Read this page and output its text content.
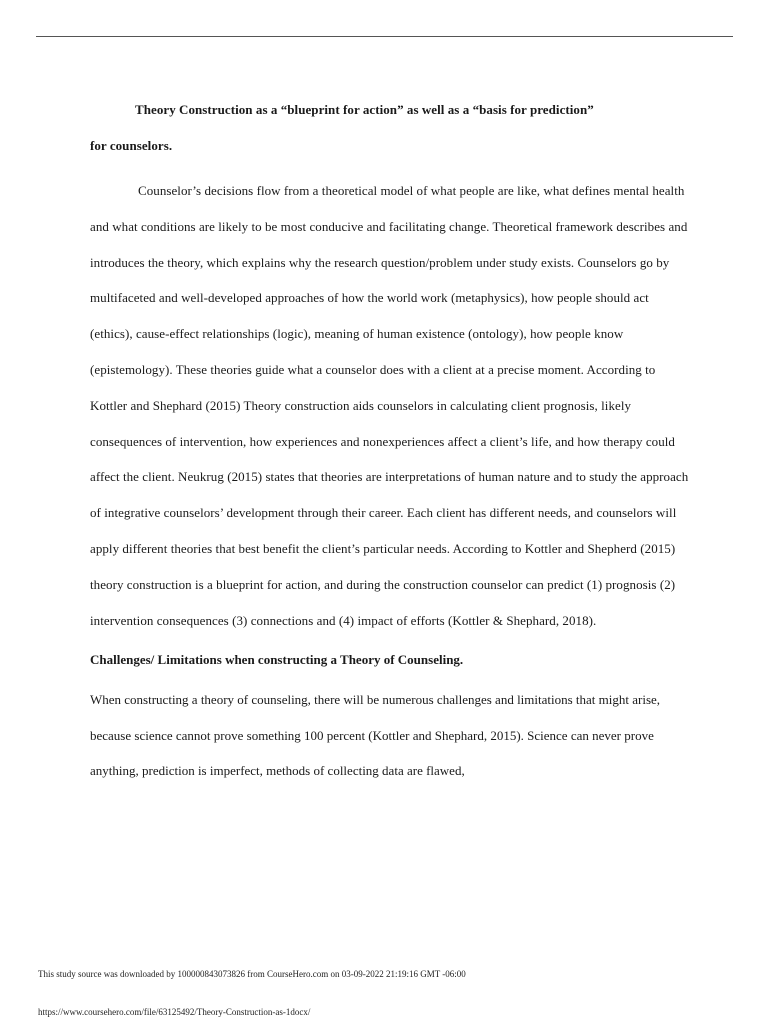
Theory Construction as a “blueprint for action” as well as a “basis for prediction”
for counselors.

Counselor’s decisions flow from a theoretical model of what people are like, what defines mental health and what conditions are likely to be most conducive and facilitating change. Theoretical framework describes and introduces the theory, which explains why the research question/problem under study exists. Counselors go by multifaceted and well-developed approaches of how the world work (metaphysics), how people should act (ethics), cause-effect relationships (logic), meaning of human existence (ontology), how people know (epistemology). These theories guide what a counselor does with a client at a precise moment. According to Kottler and Shephard (2015) Theory construction aids counselors in calculating client prognosis, likely consequences of intervention, how experiences and nonexperiences affect a client’s life, and how therapy could affect the client. Neukrug (2015) states that theories are interpretations of human nature and to study the approach of integrative counselors’ development through their career. Each client has different needs, and counselors will apply different theories that best benefit the client’s particular needs. According to Kottler and Shepherd (2015) theory construction is a blueprint for action, and during the construction counselor can predict (1) prognosis (2) intervention consequences (3) connections and (4) impact of efforts (Kottler & Shephard, 2018).

Challenges/ Limitations when constructing a Theory of Counseling.

When constructing a theory of counseling, there will be numerous challenges and limitations that might arise, because science cannot prove something 100 percent (Kottler and Shephard, 2015). Science can never prove anything, prediction is imperfect, methods of collecting data are flawed,

This study source was downloaded by 100000843073826 from CourseHero.com on 03-09-2022 21:19:16 GMT -06:00
https://www.coursehero.com/file/63125492/Theory-Construction-as-1docx/
